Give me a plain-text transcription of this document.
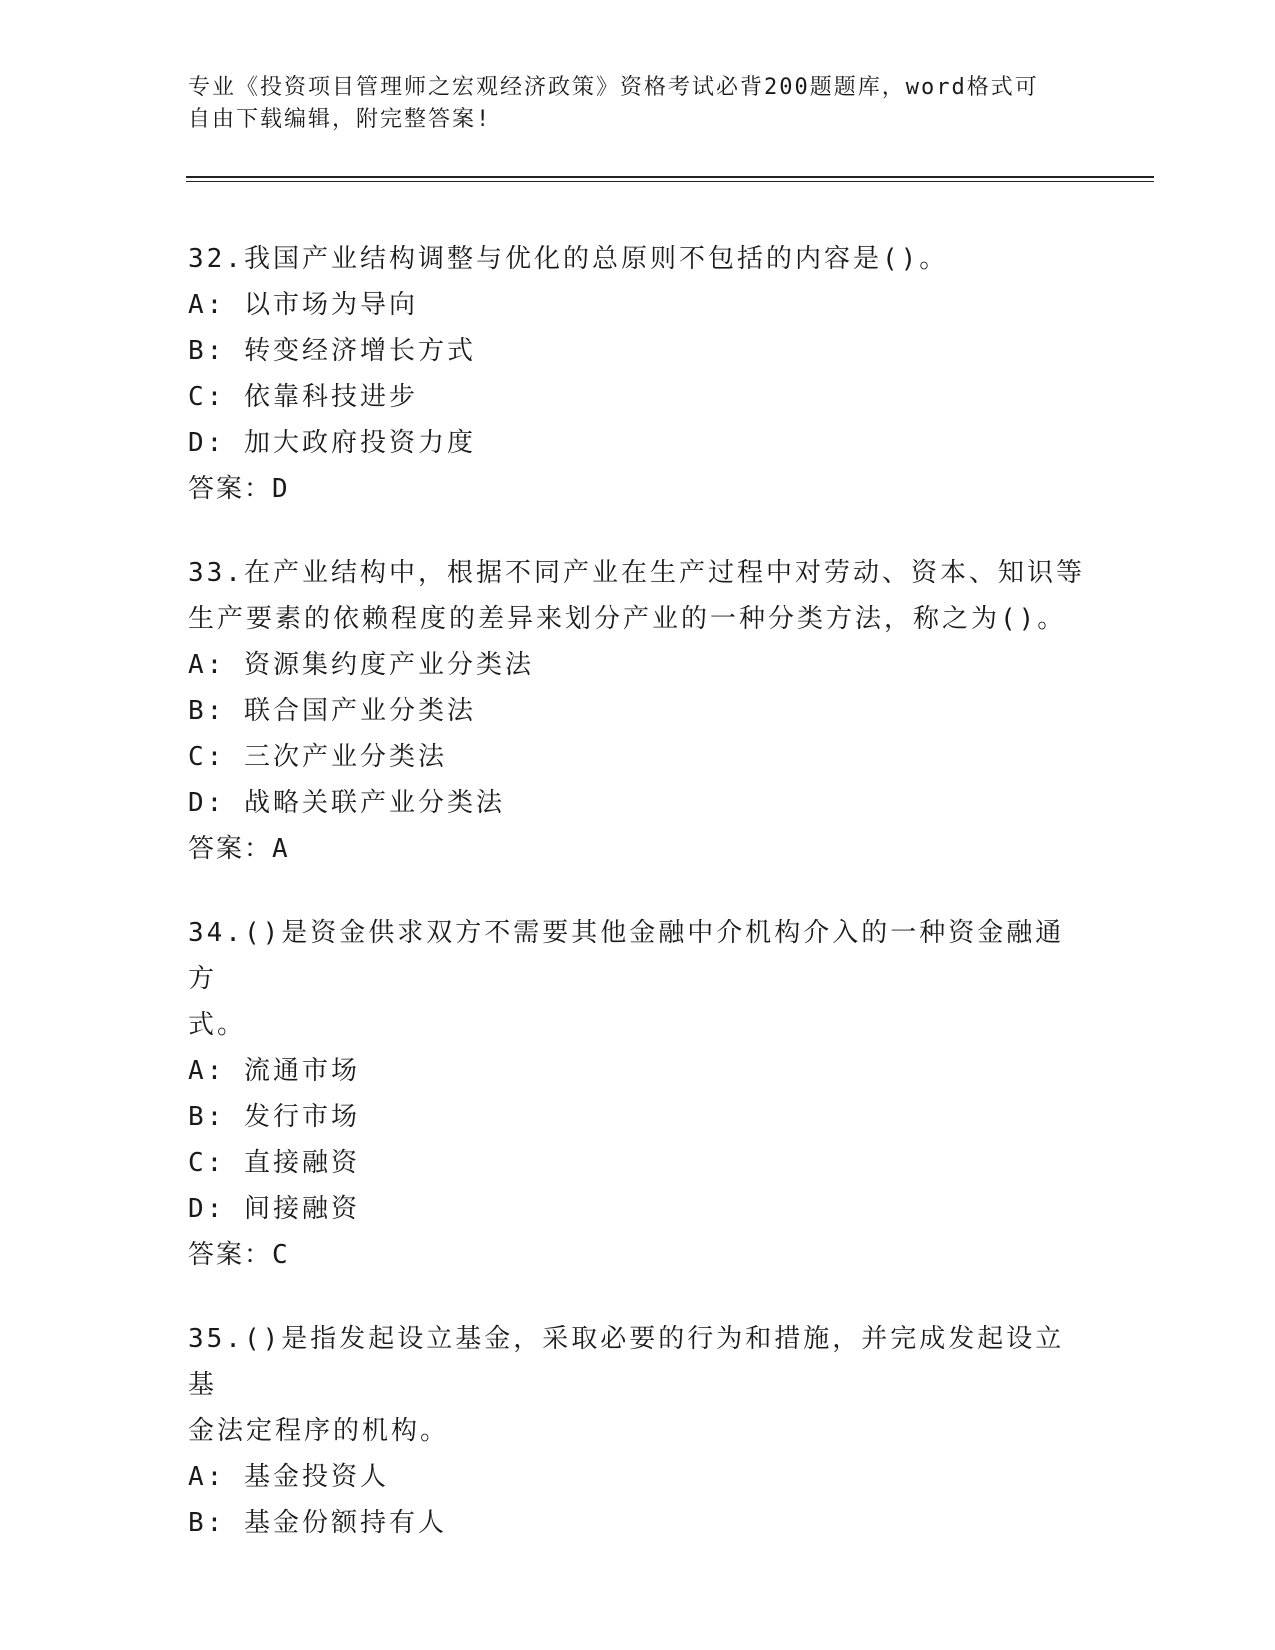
专业《投资项目管理师之宏观经济政策》资格考试必背200题题库，word格式可
自由下载编辑，附完整答案!
32.我国产业结构调整与优化的总原则不包括的内容是()。
A: 以市场为导向
B: 转变经济增长方式
C: 依靠科技进步
D: 加大政府投资力度
答案：D
33.在产业结构中，根据不同产业在生产过程中对劳动、资本、知识等
生产要素的依赖程度的差异来划分产业的一种分类方法，称之为()。
A: 资源集约度产业分类法
B: 联合国产业分类法
C: 三次产业分类法
D: 战略关联产业分类法
答案：A
34.()是资金供求双方不需要其他金融中介机构介入的一种资金融通方
式。
A: 流通市场
B: 发行市场
C: 直接融资
D: 间接融资
答案：C
35.()是指发起设立基金，采取必要的行为和措施，并完成发起设立基
金法定程序的机构。
A: 基金投资人
B: 基金份额持有人
